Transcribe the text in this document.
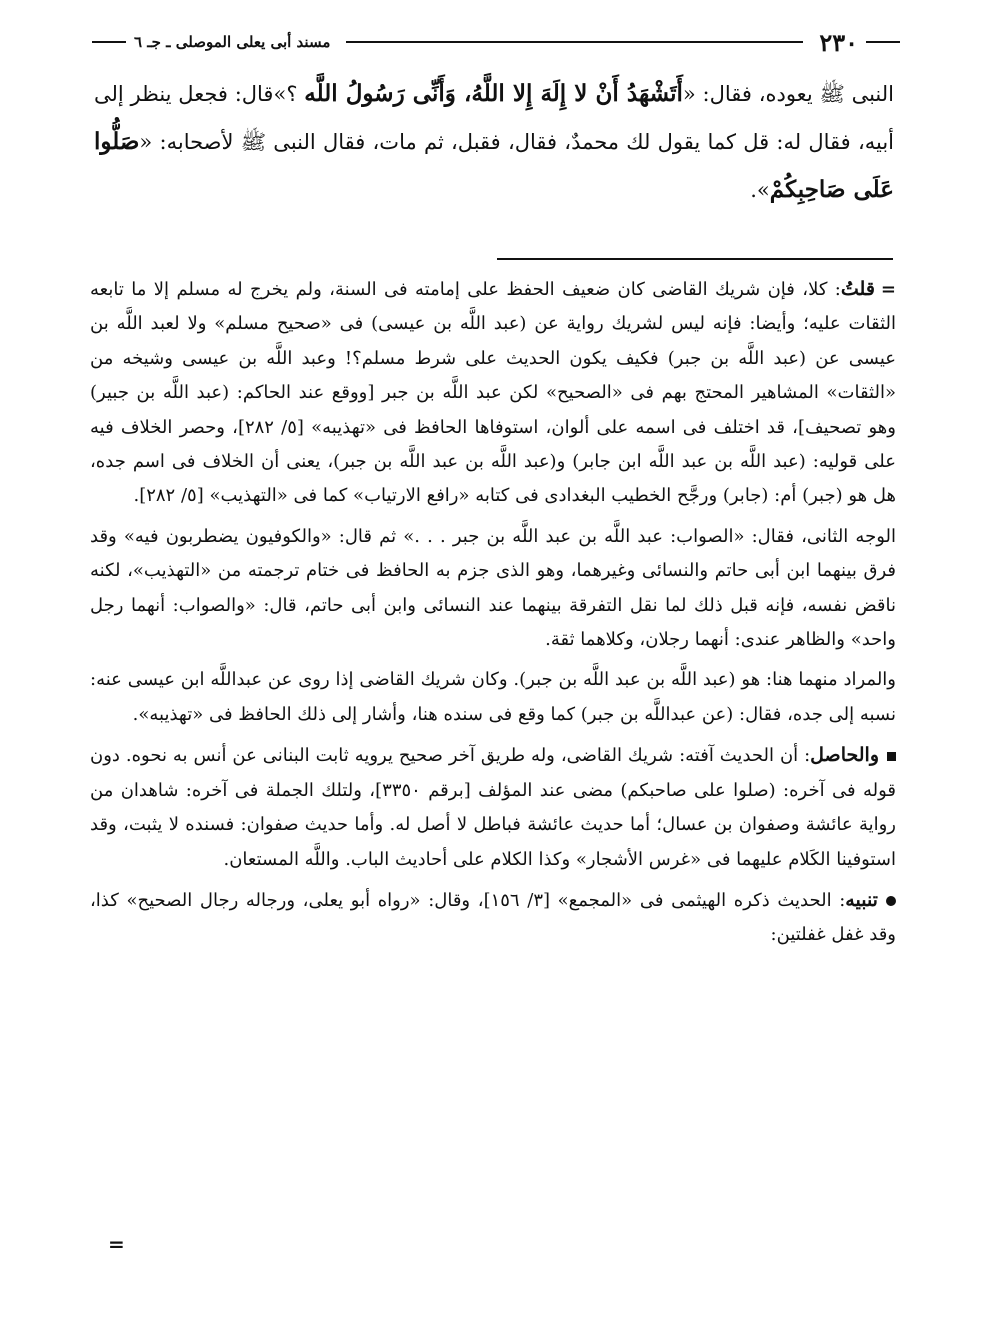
مسند أبى يعلى الموصلى ـ جـ ٦	٢٣٠
النبى ﷺ يعوده، فقال: «أَتَشْهَدُ أَنْ لا إِلَهَ إِلا اللَّهُ، وَأَنِّى رَسُولُ اللَّه ؟»قال: فجعل ينظر إلى أبيه، فقال له: قل كما يقول لك محمدٌ، فقال، فقبل، ثم مات، فقال النبى ﷺ لأصحابه: «صَلُّوا عَلَى صَاحِبِكُمْ».

=قلتُ: كلا، فإن شريك القاضى كان ضعيف الحفظ على إمامته فى السنة، ولم يخرج له مسلم إلا ما تابعه الثقات عليه؛ وأيضا: فإنه ليس لشريك رواية عن (عبد اللَّه بن عيسى) فى «صحيح مسلم» ولا لعبد اللَّه بن عيسى عن (عبد اللَّه بن جبر) فكيف يكون الحديث على شرط مسلم؟! وعبد اللَّه بن عيسى وشيخه من «الثقات» المشاهير المحتج بهم فى «الصحيح» لكن عبد اللَّه بن جبر [ووقع عند الحاكم: (عبد اللَّه بن جبير) وهو تصحيف]، قد اختلف فى اسمه على ألوان، استوفاها الحافظ فى «تهذيبه» [٥/ ٢٨٢]، وحصر الخلاف فيه على قوليه: (عبد اللَّه بن عبد اللَّه ابن جابر) و(عبد اللَّه بن عبد اللَّه بن جبر)، يعنى أن الخلاف فى اسم جده، هل هو (جبر) أم: (جابر) ورجَّح الخطيب البغدادى فى كتابه «رافع الارتياب» كما فى «التهذيب» [٥/ ٢٨٢].

الوجه الثانى، فقال: «الصواب: عبد اللَّه بن عبد اللَّه بن جبر . . .» ثم قال: «والكوفيون يضطربون فيه» وقد فرق بينهما ابن أبى حاتم والنسائى وغيرهما، وهو الذى جزم به الحافظ فى ختام ترجمته من «التهذيب»، لكنه ناقض نفسه، فإنه قبل ذلك لما نقل التفرقة بينهما عند النسائى وابن أبى حاتم، قال: «والصواب: أنهما رجل واحد» والظاهر عندى: أنهما رجلان، وكلاهما ثقة.

والمراد منهما هنا: هو (عبد اللَّه بن عبد اللَّه بن جبر). وكان شريك القاضى إذا روى عن عبداللَّه ابن عيسى عنه: نسبه إلى جده، فقال: (عن عبداللَّه بن جبر) كما وقع فى سنده هنا، وأشار إلى ذلك الحافظ فى «تهذيبه».

والحاصل: أن الحديث آفته: شريك القاضى، وله طريق آخر صحيح يرويه ثابت البنانى عن أنس به نحوه. دون قوله فى آخره: (صلوا على صاحبكم) مضى عند المؤلف [برقم ٣٣٥٠]، ولتلك الجملة فى آخره: شاهدان من رواية عائشة وصفوان بن عسال؛ أما حديث عائشة فباطل لا أصل له. وأما حديث صفوان: فسنده لا يثبت، وقد استوفينا الكَلام عليهما فى «غرس الأشجار» وكذا الكلام على أحاديث الباب. واللَّه المستعان.

تنبيه: الحديث ذكره الهيثمى فى «المجمع» [٣/ ١٥٦]، وقال: «رواه أبو يعلى، ورجاله رجال الصحيح» كذا، وقد غفل غفلتين:

=
